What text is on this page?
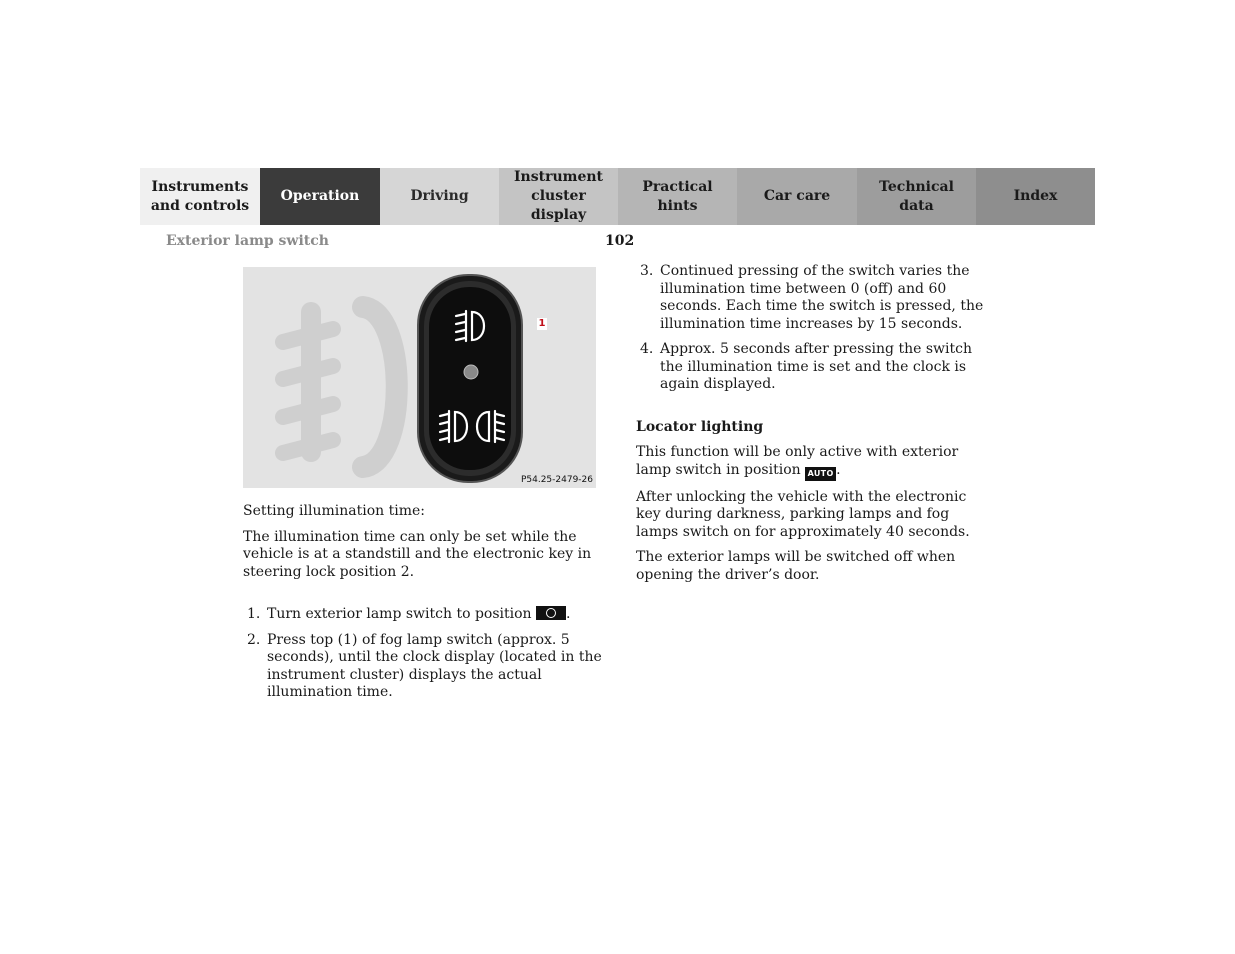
Instruments
and controls
Operation	Driving
Instrument
cluster display
Practical hints
Car care
Technical
data
Index
Exterior lamp switch	102
1
P54.25-2479-26

Setting illumination time:

The illumination time can only be set while the vehicle is at a standstill and the electronic key in steering lock position 2.

1. Turn exterior lamp switch to position .
2. Press top (1) of fog lamp switch (approx. 5 seconds), until the clock display (located in the instrument cluster) displays the actual illumination time.
3. Continued pressing of the switch varies the illumination time between 0 (off) and 60 seconds. Each time the switch is pressed, the illumination time increases by 15 seconds.
4. Approx. 5 seconds after pressing the switch the illumination time is set and the clock is again displayed.

Locator lighting

This function will be only active with exterior lamp switch in position AUTO .

After unlocking the vehicle with the electronic key during darkness, parking lamps and fog lamps switch on for approximately 40 seconds.

The exterior lamps will be switched off when opening the driver’s door.
